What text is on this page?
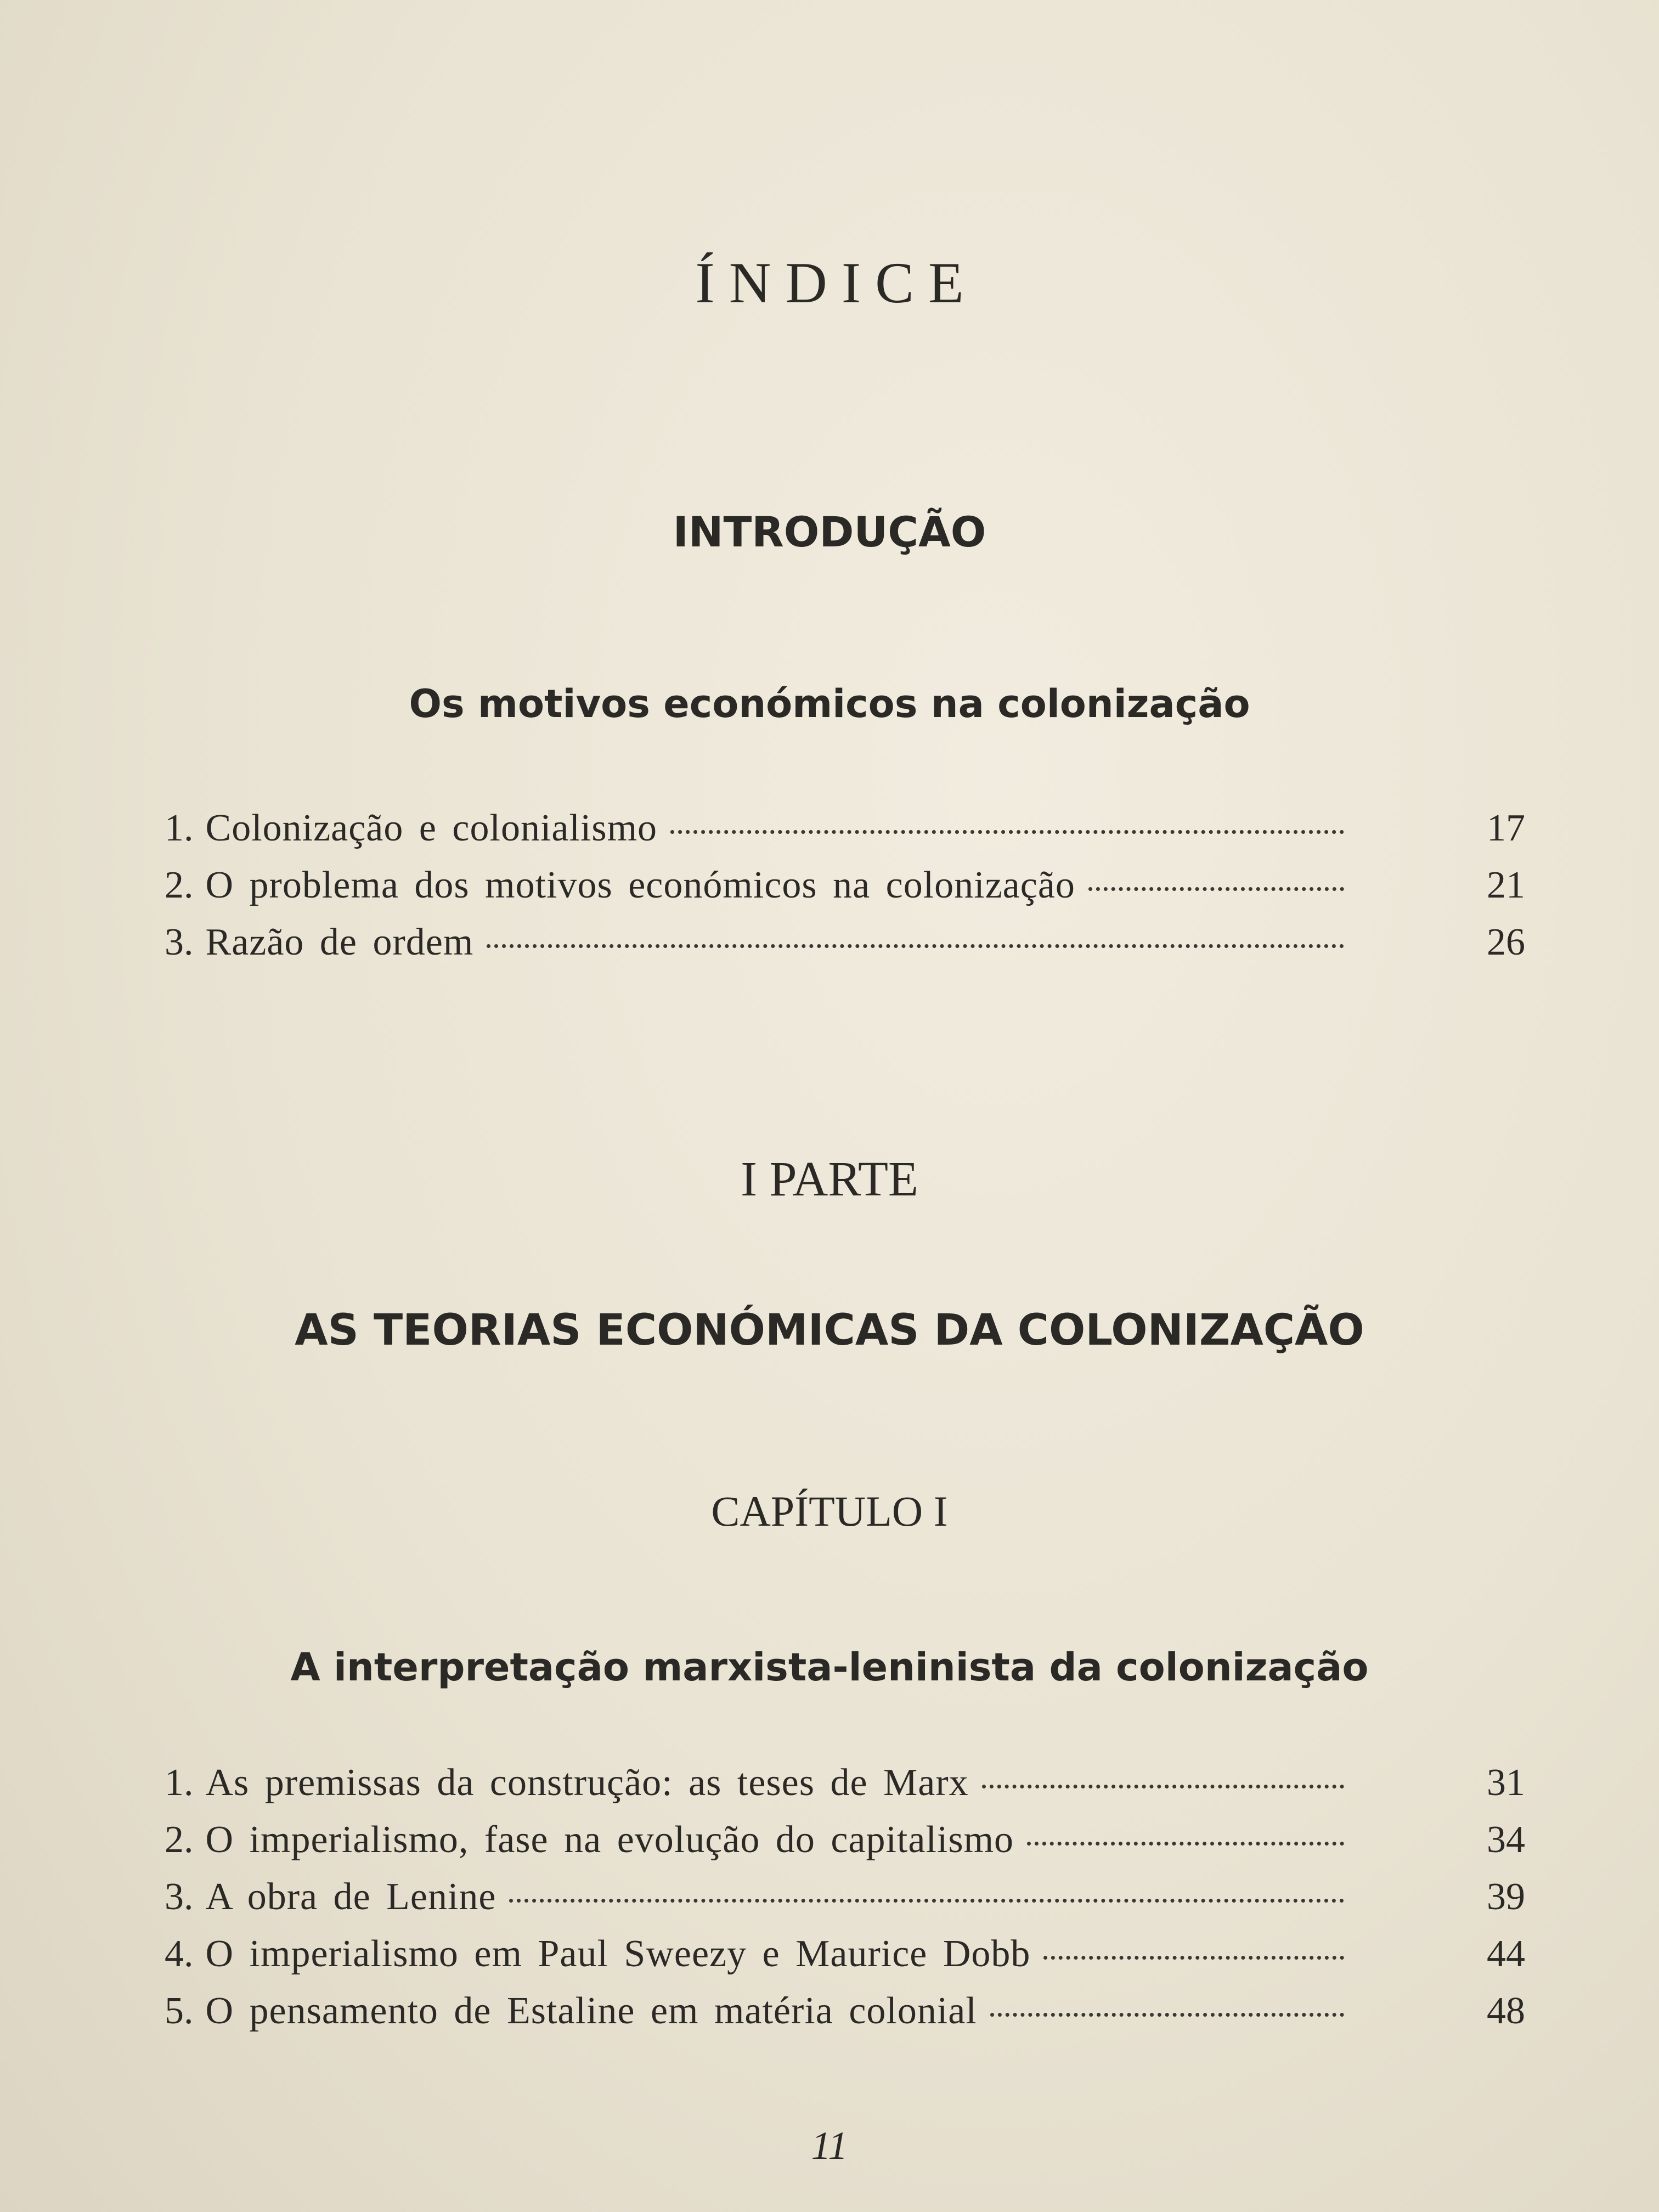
ÍNDICE
INTRODUÇÃO
Os motivos económicos na colonização
1. Colonização e colonialismo	17
2. O problema dos motivos económicos na colonização	21
3. Razão de ordem	26
I PARTE
AS TEORIAS ECONÓMICAS DA COLONIZAÇÃO
CAPÍTULO I
A interpretação marxista-leninista da colonização
1. As premissas da construção: as teses de Marx	31
2. O imperialismo, fase na evolução do capitalismo	34
3. A obra de Lenine	39
4. O imperialismo em Paul Sweezy e Maurice Dobb	44
5. O pensamento de Estaline em matéria colonial	48
11
